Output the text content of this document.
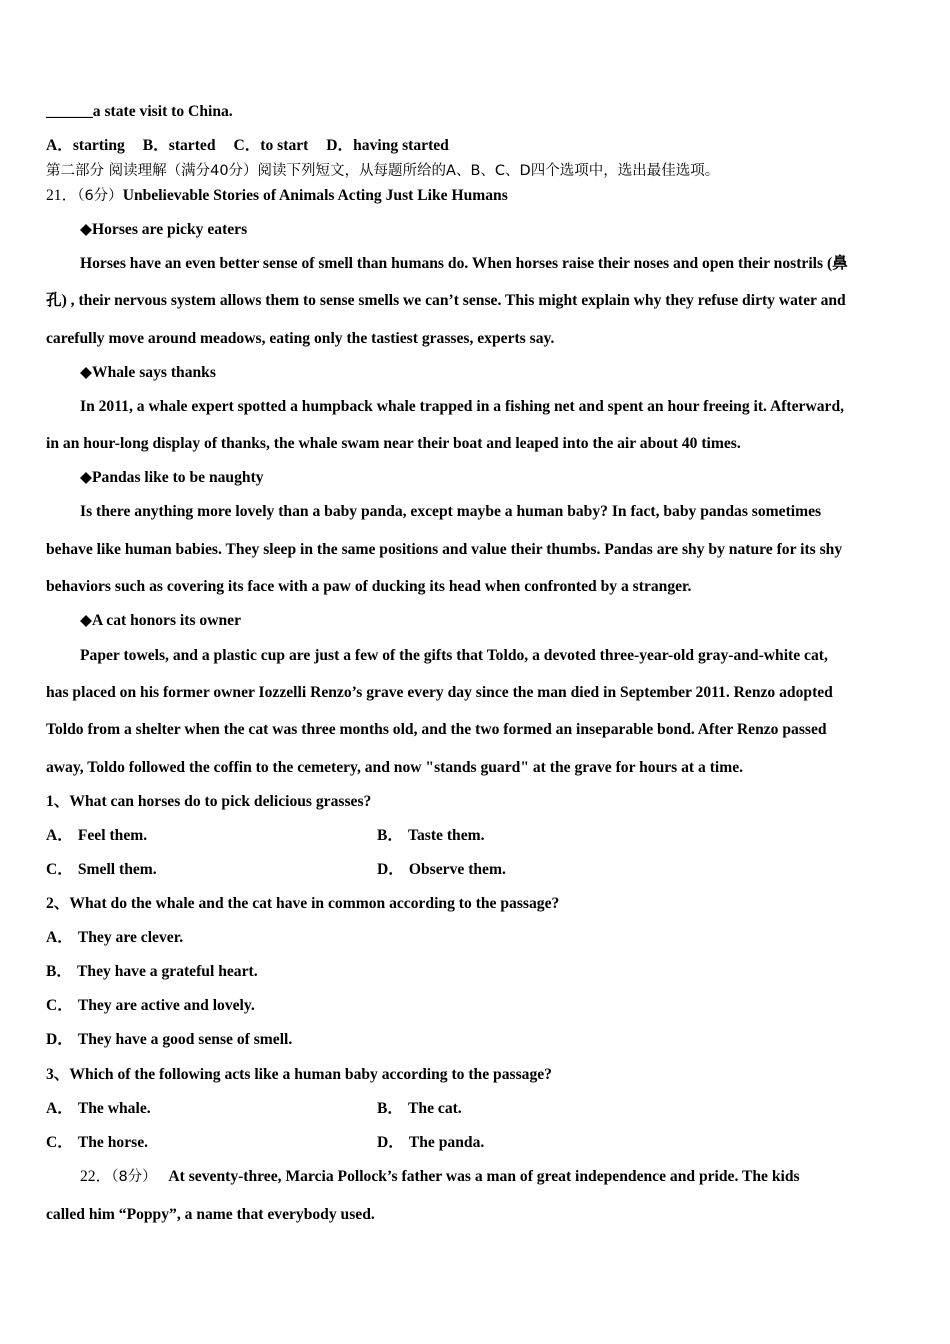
______a state visit to China.
A．starting B．started C．to start D．having started
第二部分 阅读理解（满分40分）阅读下列短文，从每题所给的A、B、C、D四个选项中，选出最佳选项。
21．（6分）Unbelievable Stories of Animals Acting Just Like Humans
◆Horses are picky eaters
Horses have an even better sense of smell than humans do. When horses raise their noses and open their nostrils (鼻
孔) , their nervous system allows them to sense smells we can’t sense. This might explain why they refuse dirty water and
carefully move around meadows, eating only the tastiest grasses, experts say.
◆Whale says thanks
In 2011, a whale expert spotted a humpback whale trapped in a fishing net and spent an hour freeing it. Afterward,
in an hour-long display of thanks, the whale swam near their boat and leaped into the air about 40 times.
◆Pandas like to be naughty
Is there anything more lovely than a baby panda, except maybe a human baby? In fact, baby pandas sometimes
behave like human babies. They sleep in the same positions and value their thumbs. Pandas are shy by nature for its shy
behaviors such as covering its face with a paw of ducking its head when confronted by a stranger.
◆A cat honors its owner
Paper towels, and a plastic cup are just a few of the gifts that Toldo, a devoted three-year-old gray-and-white cat,
has placed on his former owner Iozzelli Renzo’s grave every day since the man died in September 2011. Renzo adopted
Toldo from a shelter when the cat was three months old, and the two formed an inseparable bond. After Renzo passed
away, Toldo followed the coffin to the cemetery, and now "stands guard" at the grave for hours at a time.
1、What can horses do to pick delicious grasses?
A． Feel them.	B． Taste them.
C． Smell them.	D． Observe them.
2、What do the whale and the cat have in common according to the passage?
A． They are clever.
B． They have a grateful heart.
C． They are active and lovely.
D． They have a good sense of smell.
3、Which of the following acts like a human baby according to the passage?
A． The whale.	B． The cat.
C． The horse.	D． The panda.
22．（8分） At seventy-three, Marcia Pollock’s father was a man of great independence and pride. The kids
called him “Poppy”, a name that everybody used.
